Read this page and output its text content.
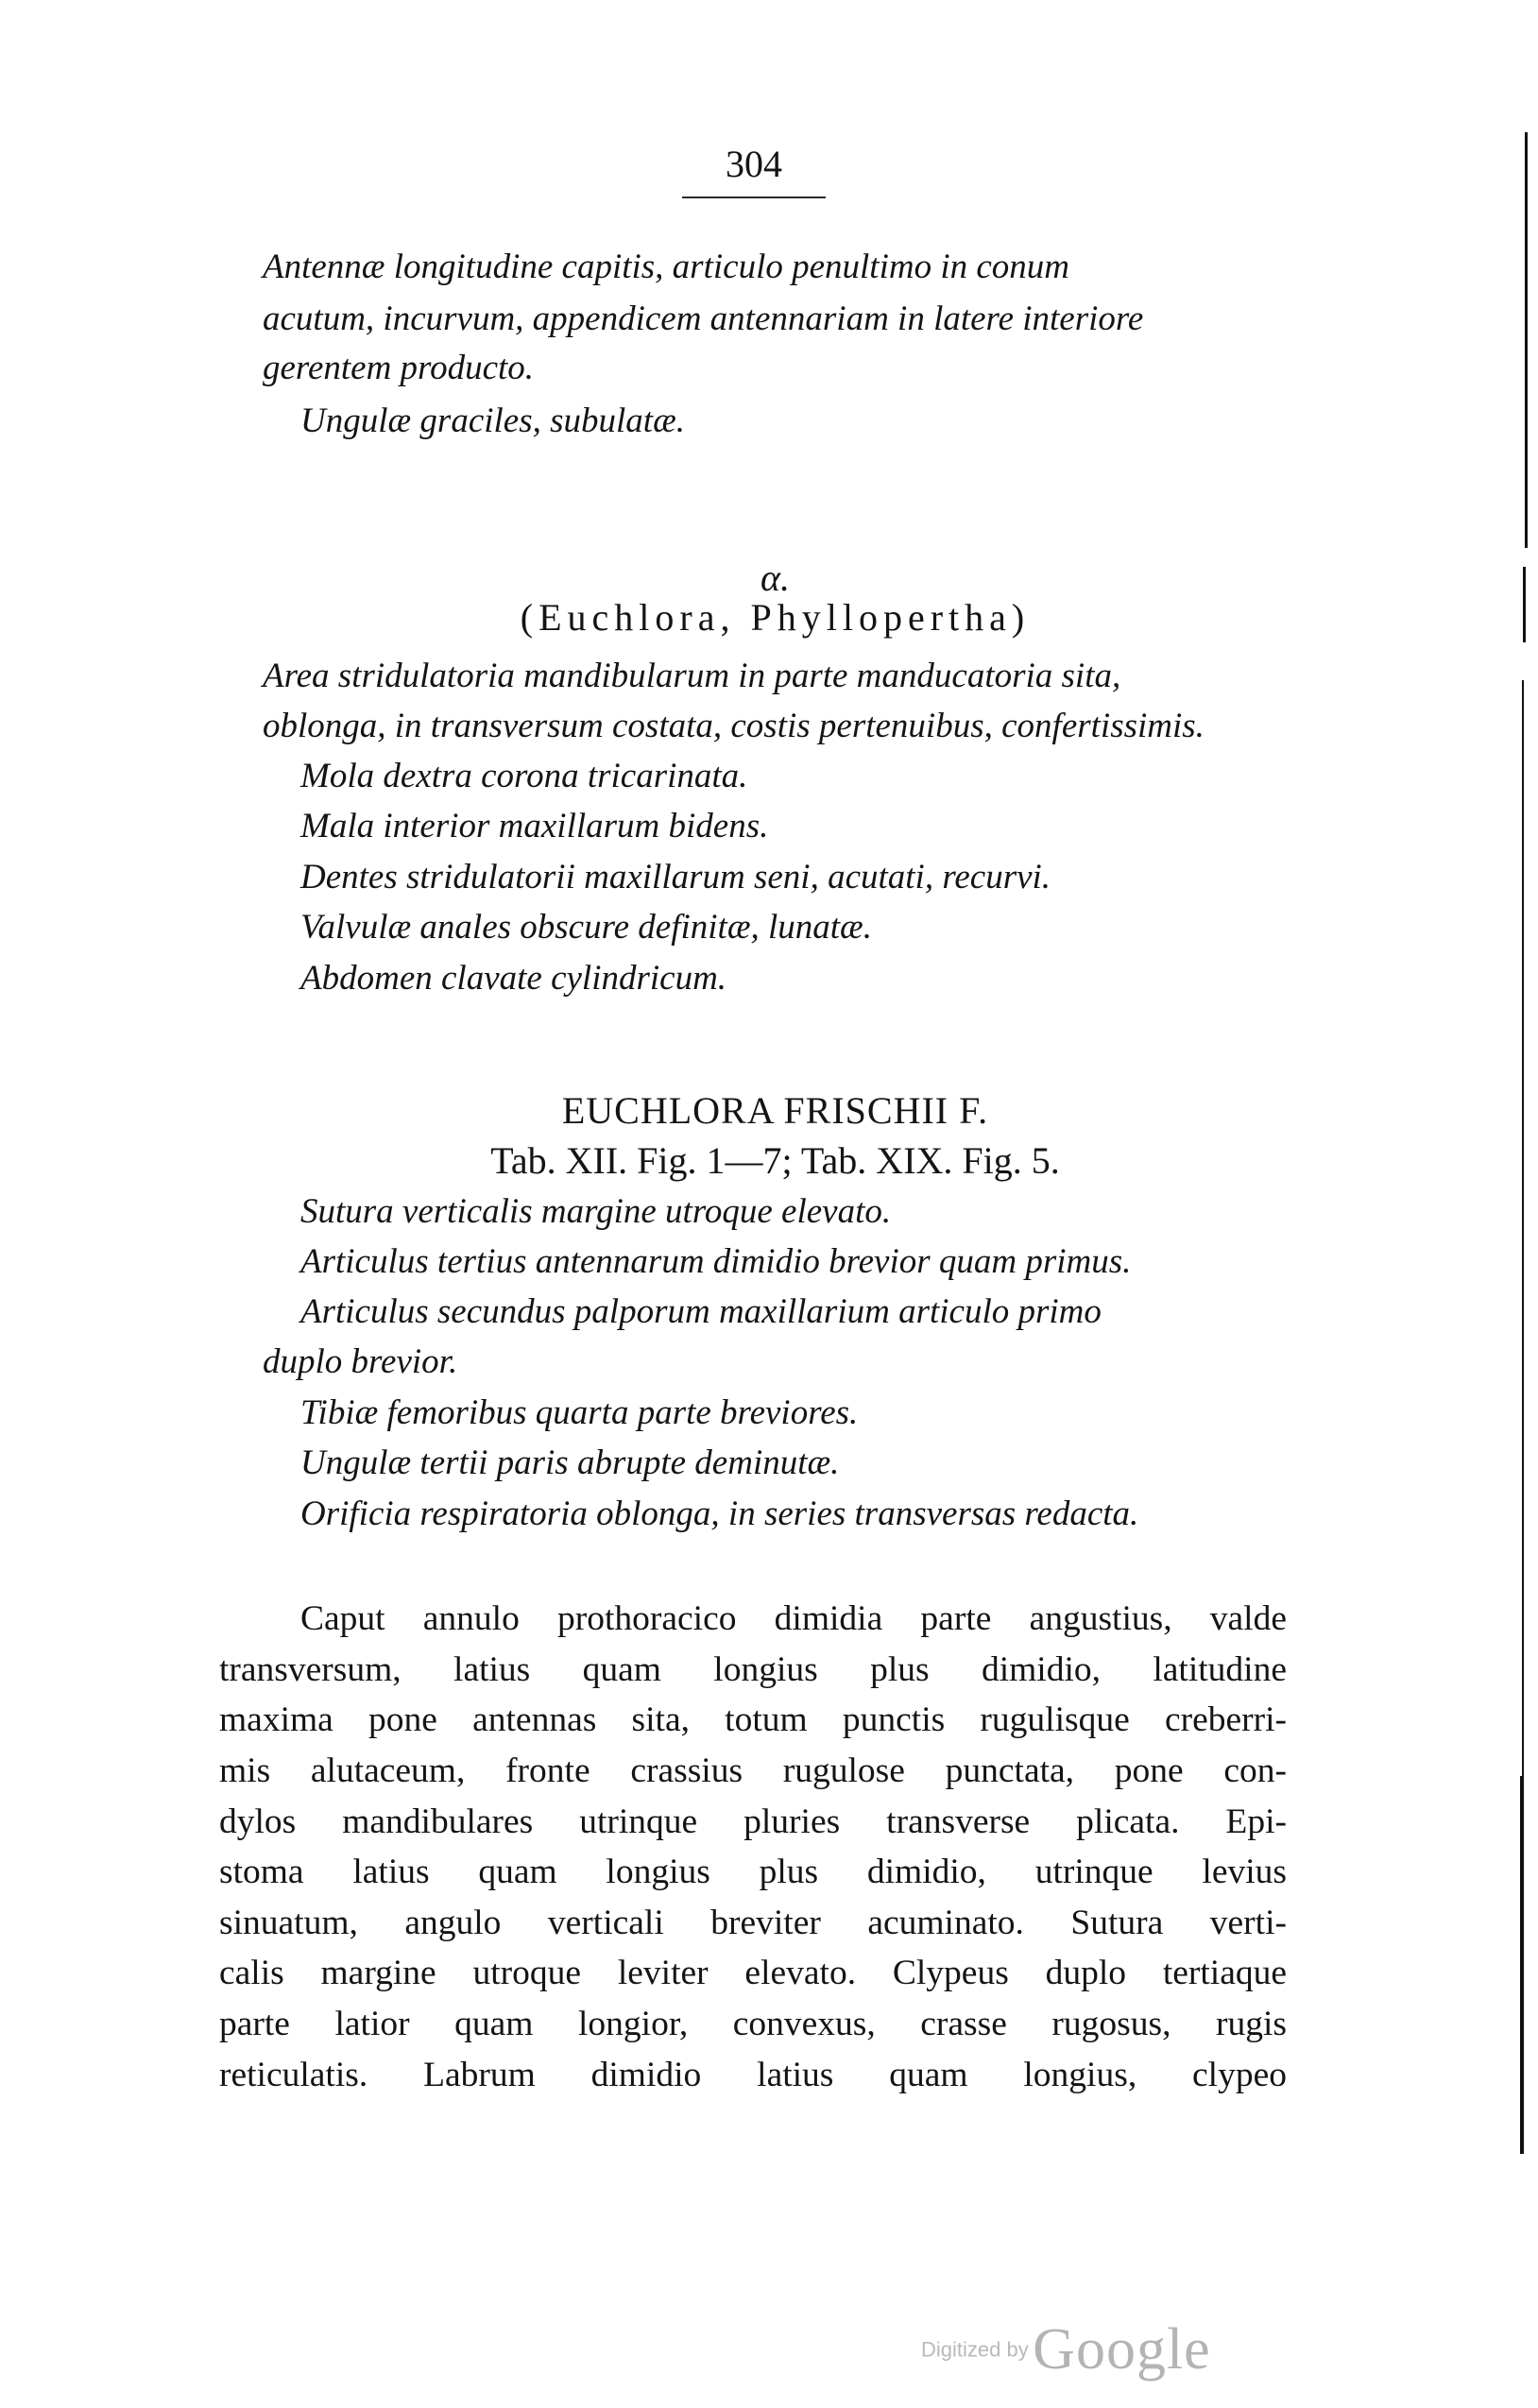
304
Antennæ longitudine capitis, articulo penultimo in conum
acutum, incurvum, appendicem antennariam in latere interiore
gerentem producto.
Ungulæ graciles, subulatæ.
α.
(Euchlora, Phyllopertha)
Area stridulatoria mandibularum in parte manducatoria sita,
oblonga, in transversum costata, costis pertenuibus, confertissimis.
Mola dextra corona tricarinata.
Mala interior maxillarum bidens.
Dentes stridulatorii maxillarum seni, acutati, recurvi.
Valvulæ anales obscure definitæ, lunatæ.
Abdomen clavate cylindricum.
EUCHLORA FRISCHII F.
Tab. XII. Fig. 1—7; Tab. XIX. Fig. 5.
Sutura verticalis margine utroque elevato.
Articulus tertius antennarum dimidio brevior quam primus.
Articulus secundus palporum maxillarium articulo primo
duplo brevior.
Tibiæ femoribus quarta parte breviores.
Ungulæ tertii paris abrupte deminutæ.
Orificia respiratoria oblonga, in series transversas redacta.
Caput annulo prothoracico dimidia parte angustius, valde
transversum, latius quam longius plus dimidio, latitudine
maxima pone antennas sita, totum punctis rugulisque creberri-
mis alutaceum, fronte crassius rugulose punctata, pone con-
dylos mandibulares utrinque pluries transverse plicata. Epi-
stoma latius quam longius plus dimidio, utrinque levius
sinuatum, angulo verticali breviter acuminato. Sutura verti-
calis margine utroque leviter elevato. Clypeus duplo tertiaque
parte latior quam longior, convexus, crasse rugosus, rugis
reticulatis. Labrum dimidio latius quam longius, clypeo
Digitized by Google
